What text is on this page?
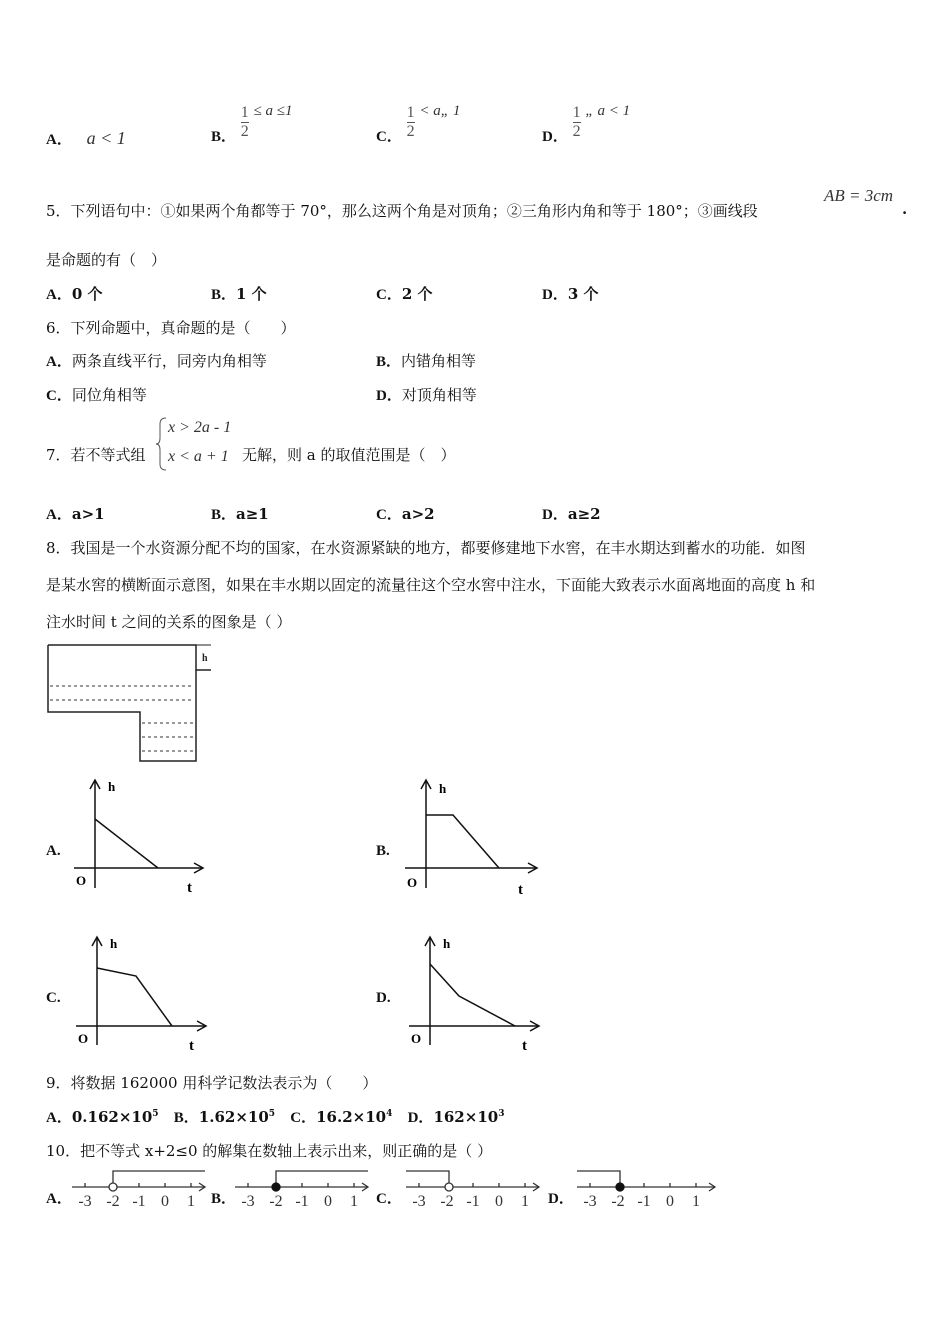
A． a < 1	B． $\frac{1}{2} \le a \le 1$
C． $\frac{1}{2}$ < a„ 1
D． $\frac{1}{2}$ „ a < 1
5．下列语句中：①如果两个角都等于 70°，那么这两个角是对顶角；②三角形内角和等于 180°；③画线段
AB = 3cm
.
是命题的有（　）
A．0 个	B．1 个	C．2 个	D．3 个
6．下列命题中，真命题的是（　　）
A．两条直线平行，同旁内角相等	B．内错角相等
C．同位角相等	D．对顶角相等
7．若不等式组
x > 2a - 1
x < a + 1 无解，则 a 的取值范围是（　）
A．a>1	B．a≥1	C．a>2	D．a≥2
8．我国是一个水资源分配不均的国家，在水资源紧缺的地方，都要修建地下水窖，在丰水期达到蓄水的功能．如图
是某水窖的横断面示意图，如果在丰水期以固定的流量往这个空水窖中注水，下面能大致表示水面离地面的高度 h 和
注水时间 t 之间的关系的图象是（ ）
h
A.
h
O	t
B.
h
O	t
C.
h
O	t
D.
h
O	t
9．将数据 162000 用科学记数法表示为（　　）
A．$0.162\times 10^5$ B．$1.62\times 10^5$ C．$16.2\times 10^4$ D．$162\times 10^3$
10．把不等式 x+2≤0 的解集在数轴上表示出来，则正确的是（ ）
A． -3 -2 -1 0 1 B． -3 -2 -1 0 1 C． -3 -2 -1 0 1 D． -3 -2 -1 0 1
